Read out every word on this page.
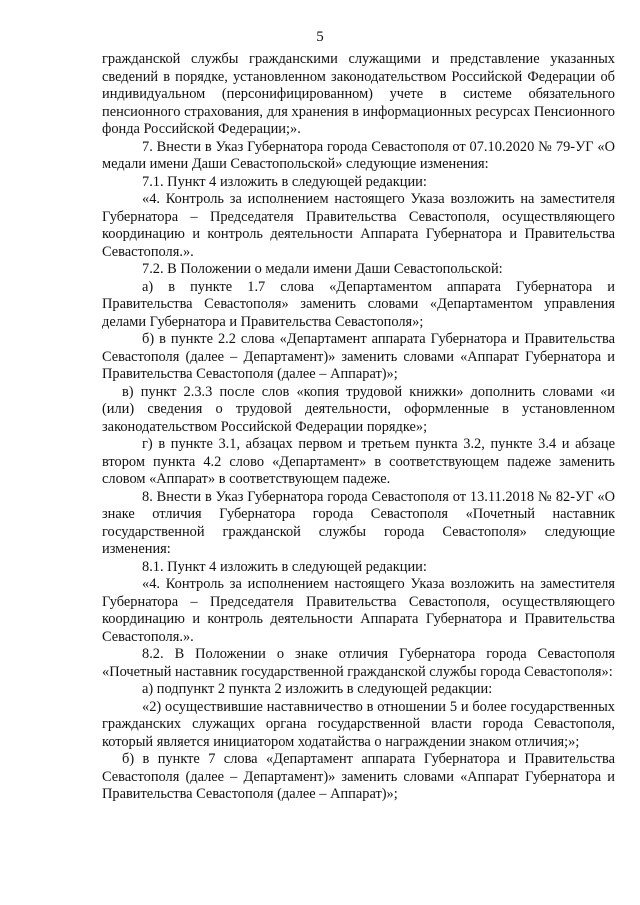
5

гражданской службы гражданскими служащими и представление указанных сведений в порядке, установленном законодательством Российской Федерации об индивидуальном (персонифицированном) учете в системе обязательного пенсионного страхования, для хранения в информационных ресурсах Пенсионного фонда Российской Федерации;».

7. Внести в Указ Губернатора города Севастополя от 07.10.2020 № 79-УГ «О медали имени Даши Севастопольской» следующие изменения:

7.1. Пункт 4 изложить в следующей редакции:

«4. Контроль за исполнением настоящего Указа возложить на заместителя Губернатора – Председателя Правительства Севастополя, осуществляющего координацию и контроль деятельности Аппарата Губернатора и Правительства Севастополя.».

7.2. В Положении о медали имени Даши Севастопольской:

а) в пункте 1.7 слова «Департаментом аппарата Губернатора и Правительства Севастополя» заменить словами «Департаментом управления делами Губернатора и Правительства Севастополя»;

б) в пункте 2.2 слова «Департамент аппарата Губернатора и Правительства Севастополя (далее – Департамент)» заменить словами «Аппарат Губернатора и Правительства Севастополя (далее – Аппарат)»;

в) пункт 2.3.3 после слов «копия трудовой книжки» дополнить словами «и (или) сведения о трудовой деятельности, оформленные в установленном законодательством Российской Федерации порядке»;

г) в пункте 3.1, абзацах первом и третьем пункта 3.2, пункте 3.4 и абзаце втором пункта 4.2 слово «Департамент» в соответствующем падеже заменить словом «Аппарат» в соответствующем падеже.

8. Внести в Указ Губернатора города Севастополя от 13.11.2018 № 82-УГ «О знаке отличия Губернатора города Севастополя «Почетный наставник государственной гражданской службы города Севастополя» следующие изменения:

8.1. Пункт 4 изложить в следующей редакции:

«4. Контроль за исполнением настоящего Указа возложить на заместителя Губернатора – Председателя Правительства Севастополя, осуществляющего координацию и контроль деятельности Аппарата Губернатора и Правительства Севастополя.».

8.2. В Положении о знаке отличия Губернатора города Севастополя «Почетный наставник государственной гражданской службы города Севастополя»:

а) подпункт 2 пункта 2 изложить в следующей редакции:

«2) осуществившие наставничество в отношении 5 и более государственных гражданских служащих органа государственной власти города Севастополя, который является инициатором ходатайства о награждении знаком отличия;»;

б) в пункте 7 слова «Департамент аппарата Губернатора и Правительства Севастополя (далее – Департамент)» заменить словами «Аппарат Губернатора и Правительства Севастополя (далее – Аппарат)»;
